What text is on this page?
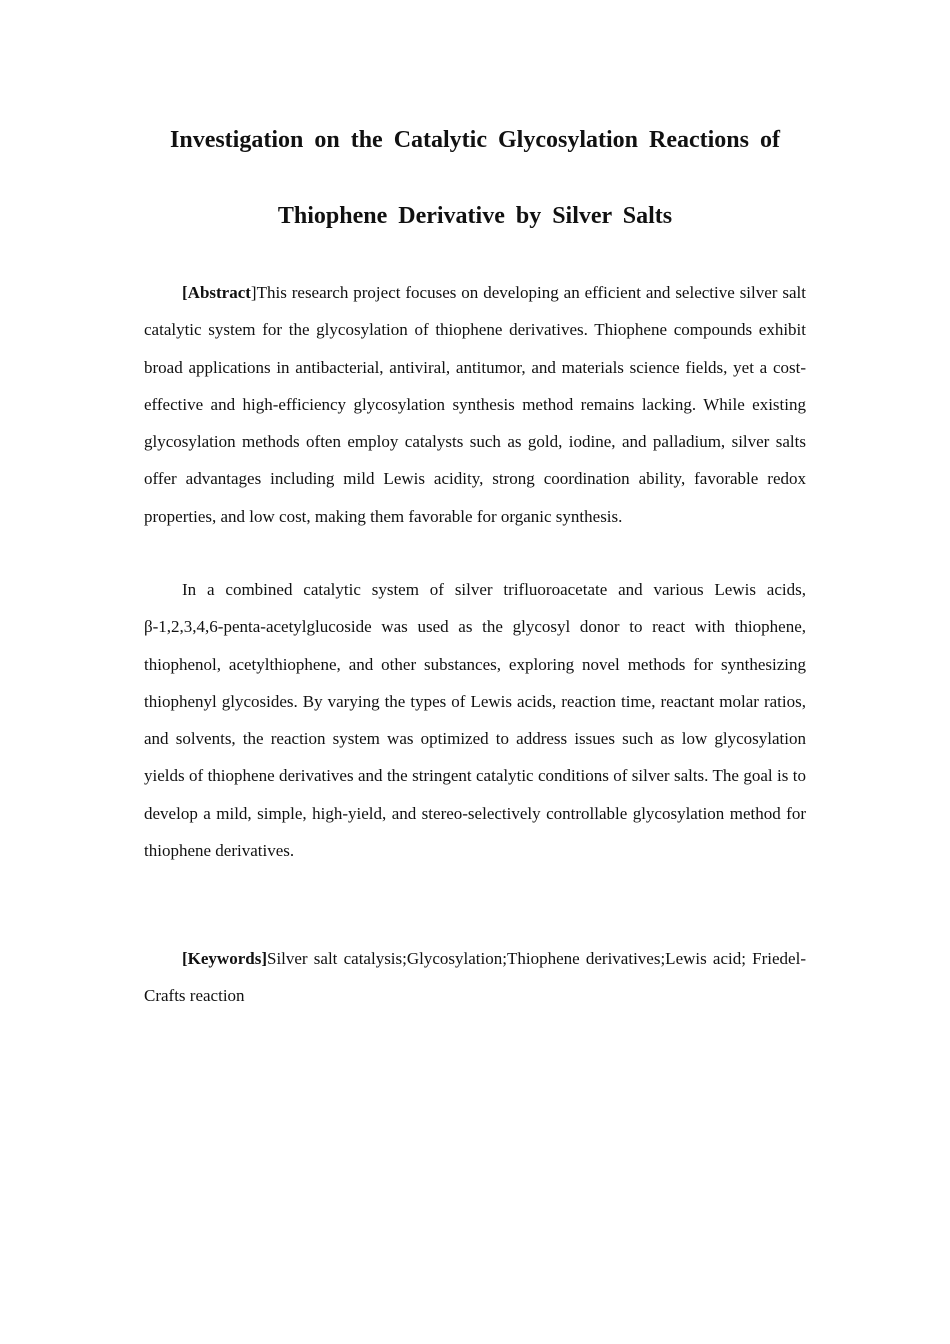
Investigation on the Catalytic Glycosylation Reactions of
Thiophene Derivative by Silver Salts

[Abstract]This research project focuses on developing an efficient and selective silver salt catalytic system for the glycosylation of thiophene derivatives. Thiophene compounds exhibit broad applications in antibacterial, antiviral, antitumor, and materials science fields, yet a cost-effective and high-efficiency glycosylation synthesis method remains lacking. While existing glycosylation methods often employ catalysts such as gold, iodine, and palladium, silver salts offer advantages including mild Lewis acidity, strong coordination ability, favorable redox properties, and low cost, making them favorable for organic synthesis.

In a combined catalytic system of silver trifluoroacetate and various Lewis acids, β-1,2,3,4,6-penta-acetylglucoside was used as the glycosyl donor to react with thiophene, thiophenol, acetylthiophene, and other substances, exploring novel methods for synthesizing thiophenyl glycosides. By varying the types of Lewis acids, reaction time, reactant molar ratios, and solvents, the reaction system was optimized to address issues such as low glycosylation yields of thiophene derivatives and the stringent catalytic conditions of silver salts. The goal is to develop a mild, simple, high-yield, and stereo-selectively controllable glycosylation method for thiophene derivatives.

[Keywords]Silver salt catalysis;Glycosylation;Thiophene derivatives;Lewis acid; Friedel-Crafts reaction
